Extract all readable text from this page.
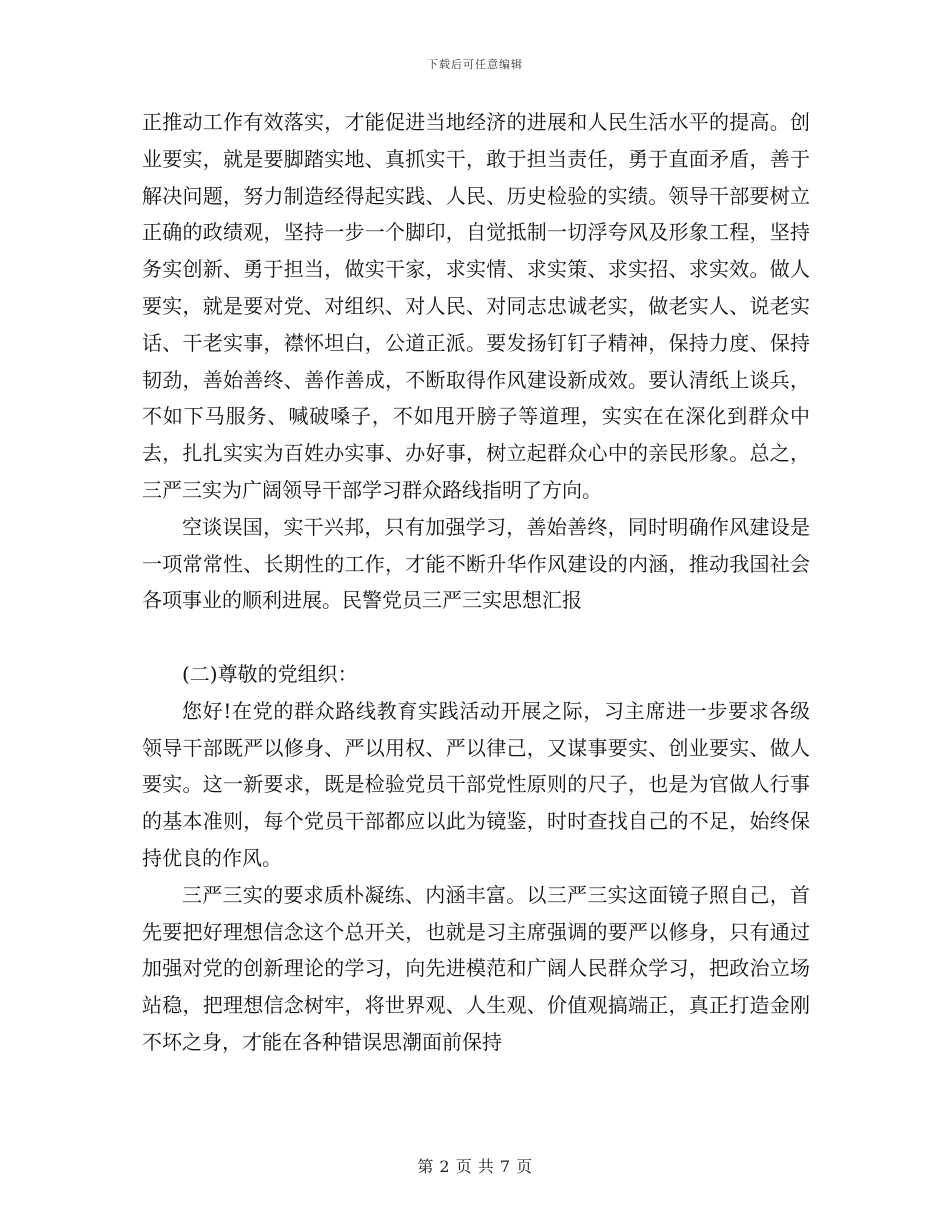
下载后可任意编辑

正推动工作有效落实，才能促进当地经济的进展和人民生活水平的提高。创业要实，就是要脚踏实地、真抓实干，敢于担当责任，勇于直面矛盾，善于解决问题，努力制造经得起实践、人民、历史检验的实绩。领导干部要树立正确的政绩观，坚持一步一个脚印，自觉抵制一切浮夸风及形象工程，坚持务实创新、勇于担当，做实干家，求实情、求实策、求实招、求实效。做人要实，就是要对党、对组织、对人民、对同志忠诚老实，做老实人、说老实话、干老实事，襟怀坦白，公道正派。要发扬钉钉子精神，保持力度、保持韧劲，善始善终、善作善成，不断取得作风建设新成效。要认清纸上谈兵，不如下马服务、喊破嗓子，不如甩开膀子等道理，实实在在深化到群众中去，扎扎实实为百姓办实事、办好事，树立起群众心中的亲民形象。总之，三严三实为广阔领导干部学习群众路线指明了方向。

空谈误国，实干兴邦，只有加强学习，善始善终，同时明确作风建设是一项常常性、长期性的工作，才能不断升华作风建设的内涵，推动我国社会各项事业的顺利进展。民警党员三严三实思想汇报

(二)尊敬的党组织：

您好!在党的群众路线教育实践活动开展之际，习主席进一步要求各级领导干部既严以修身、严以用权、严以律己，又谋事要实、创业要实、做人要实。这一新要求，既是检验党员干部党性原则的尺子，也是为官做人行事的基本准则，每个党员干部都应以此为镜鉴，时时查找自己的不足，始终保持优良的作风。

三严三实的要求质朴凝练、内涵丰富。以三严三实这面镜子照自己，首先要把好理想信念这个总开关，也就是习主席强调的要严以修身，只有通过加强对党的创新理论的学习，向先进模范和广阔人民群众学习，把政治立场站稳，把理想信念树牢，将世界观、人生观、价值观搞端正，真正打造金刚不坏之身，才能在各种错误思潮面前保持

第 2 页 共 7 页
